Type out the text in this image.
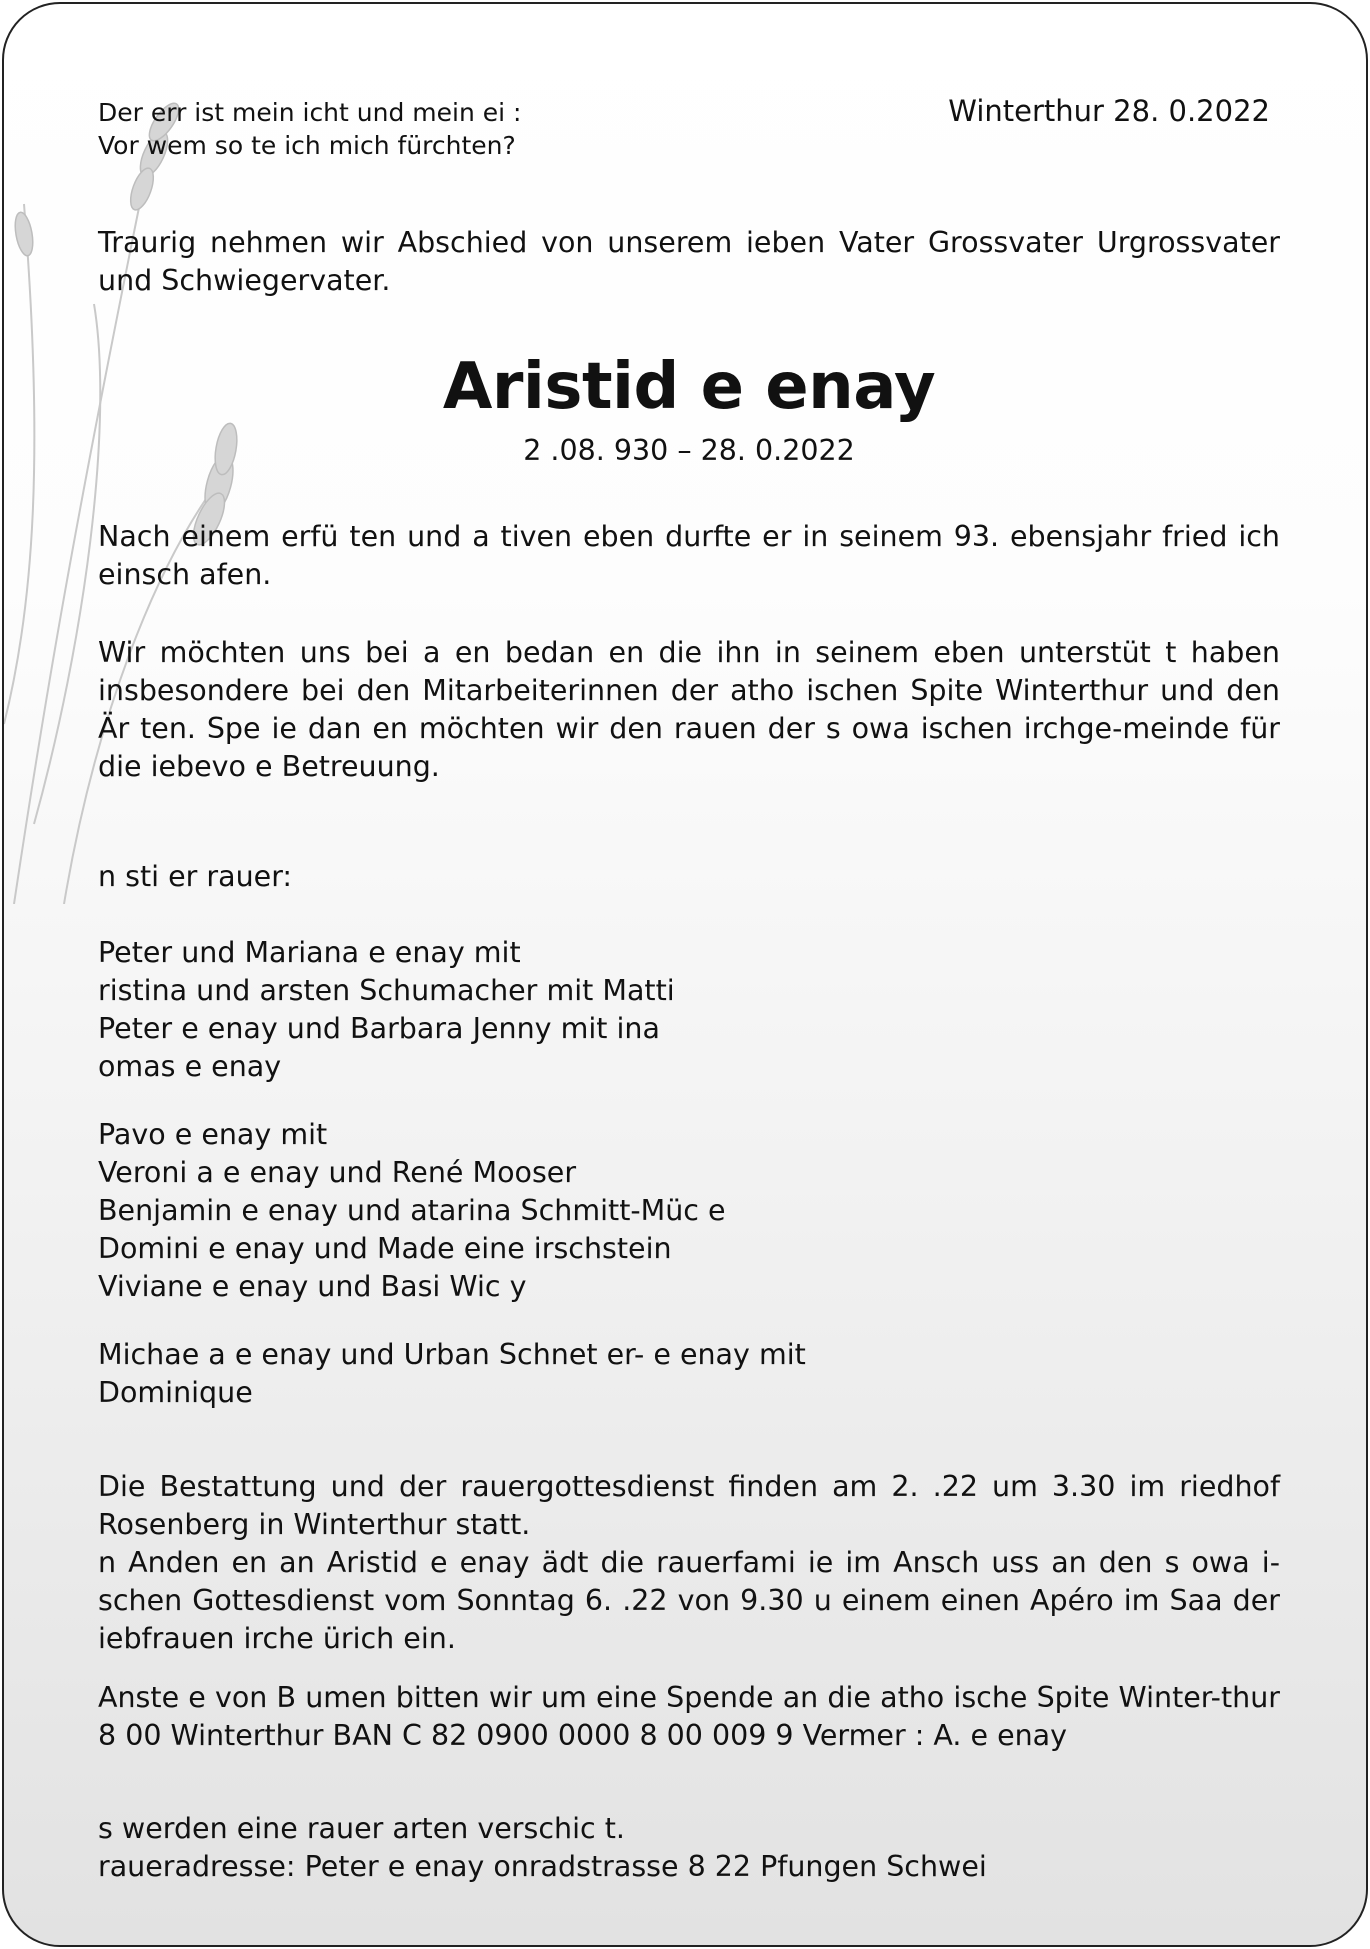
Der err ist mein icht und mein ei :
Vor wem so te ich mich fürchten?
Winterthur 28. 0.2022
Traurig nehmen wir Abschied von unserem ieben Vater Grossvater Urgrossvater und Schwiegervater.
Aristid e enay
2 .08. 930 – 28. 0.2022
Nach einem erfü ten und a tiven eben durfte er in seinem 93. ebensjahr fried ich einsch afen.
Wir möchten uns bei a en bedan en die ihn in seinem eben unterstüt t haben insbesondere bei den Mitarbeiterinnen der atho ischen Spite Winterthur und den Är ten. Spe ie dan en möchten wir den rauen der s owa ischen irchge-meinde für die iebevo e Betreuung.
n sti er rauer:
Peter und Mariana e enay mit
ristina und arsten Schumacher mit Matti
Peter e enay und Barbara Jenny mit ina
omas e enay
Pavo e enay mit
Veroni a e enay und René Mooser
Benjamin e enay und atarina Schmitt-Müc e
Domini e enay und Made eine irschstein
Viviane e enay und Basi Wic y
Michae a e enay und Urban Schnet er- e enay mit
Dominique
Die Bestattung und der rauergottesdienst finden am 2. .22 um 3.30 im riedhof Rosenberg in Winterthur statt.
n Anden en an Aristid e enay ädt die rauerfami ie im Ansch uss an den s owa i-schen Gottesdienst vom Sonntag 6. .22 von 9.30 u einem einen Apéro im Saa der iebfrauen irche ürich ein.
Anste e von B umen bitten wir um eine Spende an die atho ische Spite Winter-thur 8 00 Winterthur BAN C 82 0900 0000 8 00 009 9 Vermer : A. e enay
s werden eine rauer arten verschic t.
raueradresse: Peter e enay onradstrasse 8 22 Pfungen Schwei
